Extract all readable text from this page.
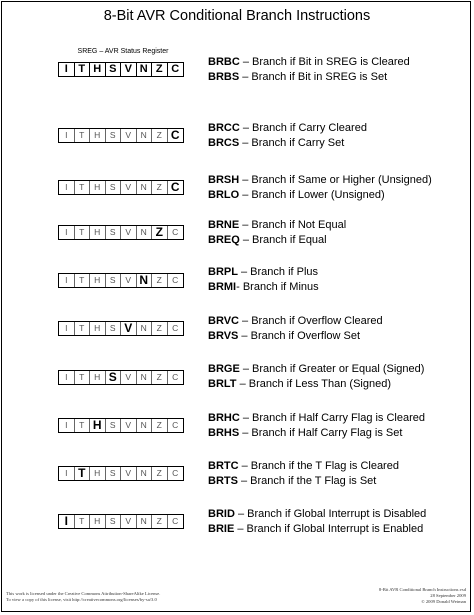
8-Bit AVR Conditional Branch Instructions
SREG – AVR Status Register
I T H S V N Z C
BRBC – Branch if Bit in SREG is Cleared
BRBS – Branch if Bit in SREG is Set
I	T	H	S	V	N	Z C	BRCC – Branch if Carry Cleared
BRCS – Branch if Carry Set
I	T	H	S	V	N	Z C	BRSH – Branch if Same or Higher (Unsigned)
BRLO – Branch if Lower (Unsigned)
I	T	H	S	V	N Z	C
BRNE – Branch if Not Equal
BREQ – Branch if Equal
I	T	H	S	V N	Z	C
BRPL – Branch if Plus
BRMI- Branch if Minus
I	T	H	S V N	Z	C
BRVC – Branch if Overflow Cleared
BRVS – Branch if Overflow Set
I	T	H S	V	N	Z	C
BRGE – Branch if Greater or Equal (Signed)
BRLT – Branch if Less Than (Signed)
I	T H S	V	N	Z	C
BRHC – Branch if Half Carry Flag is Cleared
BRHS – Branch if Half Carry Flag is Set
I T	H	S	V	N	Z	C
BRTC – Branch if the T Flag is Cleared
BRTS – Branch if the T Flag is Set
I	T	H	S	V	N	Z	C
BRID – Branch if Global Interrupt is Disabled
BRIE – Branch if Global Interrupt is Enabled
This work is licensed under the Creative Commons Attribution-ShareAlike License.
To view a copy of this license, visit http://creativecommons.org/licenses/by-sa/3.0
8-Bit AVR Conditional Branch Instructions.vsd
28 September 2009
© 2009 Donald Weiman
